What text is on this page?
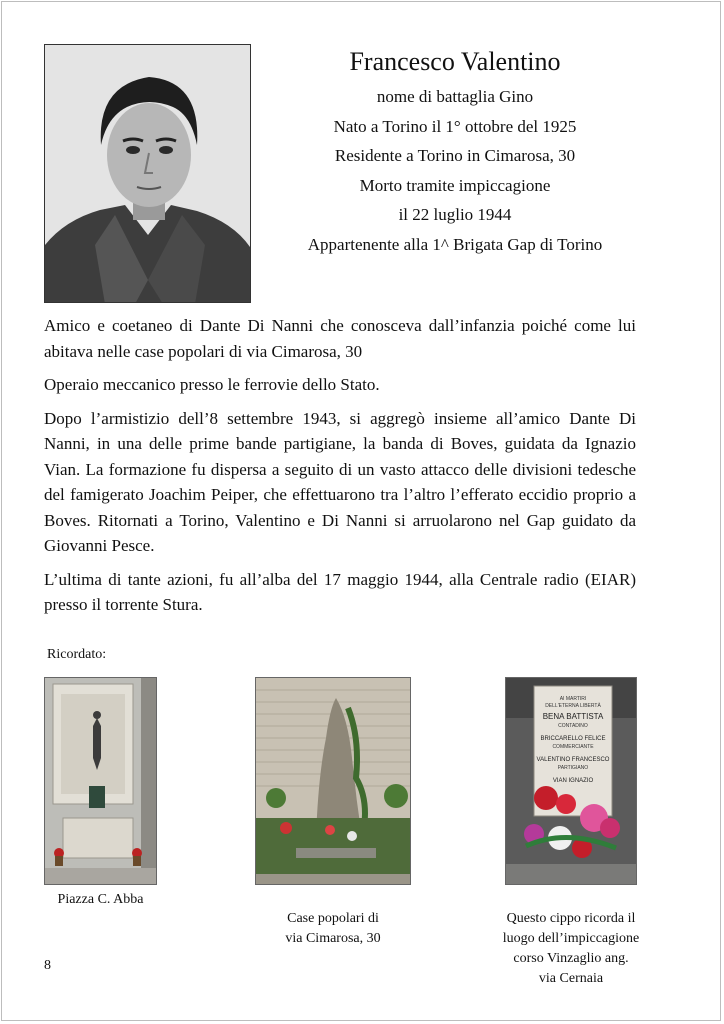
Francesco Valentino
nome di battaglia Gino
Nato a Torino il 1° ottobre del 1925
Residente a Torino in Cimarosa, 30
Morto tramite impiccagione
il 22 luglio 1944
Appartenente alla 1^ Brigata Gap di Torino

Amico e coetaneo di Dante Di Nanni che conosceva dall’infanzia poiché come lui abitava nelle case popolari di via Cimarosa, 30

Operaio meccanico presso le ferrovie dello Stato.

Dopo l’armistizio dell’8 settembre 1943, si aggregò insieme all’amico Dante Di Nanni, in una delle prime bande partigiane, la banda di Boves, guidata da Ignazio Vian. La formazione fu dispersa a seguito di un vasto attacco delle divisioni tedesche del famigerato Joachim Peiper, che effettuarono tra l’altro l’efferato eccidio proprio a Boves. Ritornati a Torino, Valentino e Di Nanni si arruolarono nel Gap guidato da Giovanni Pesce.

L’ultima di tante azioni, fu all’alba del 17 maggio 1944, alla Centrale radio (EIAR) presso il torrente Stura.

Ricordato:
AI MARTIRI
DELL'ETERNA LIBERTÀ
BENA BATTISTA
CONTADINO
BRICCARELLO FELICE
COMMERCIANTE
VALENTINO FRANCESCO
PARTIGIANO
VIAN IGNAZIO
Piazza C. Abba

Case popolari di
via Cimarosa, 30

Questo cippo ricorda il
luogo dell’impiccagione
corso Vinzaglio ang.
via Cernaia

8
